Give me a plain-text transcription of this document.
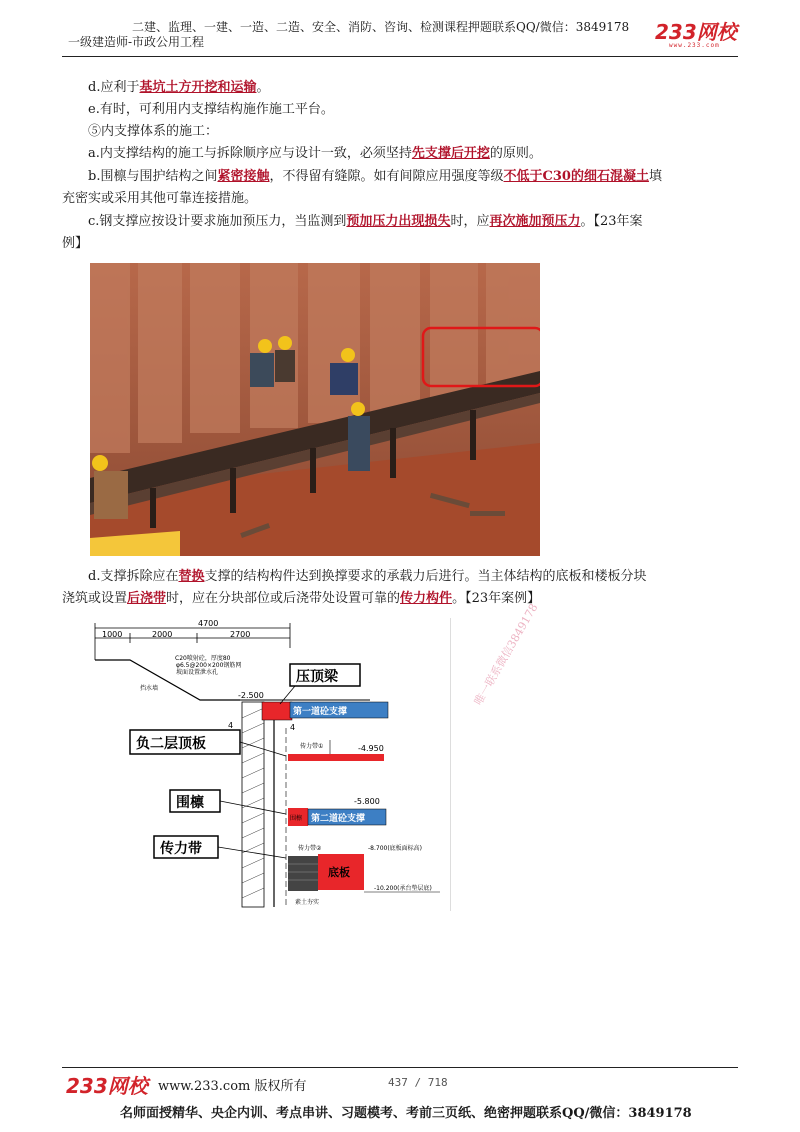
二建、监理、一建、一造、二造、安全、消防、咨询、检测课程押题联系QQ/微信：3849178
一级建造师-市政公用工程	233网校
www.233.com
d.应利于基坑土方开挖和运输。
e.有时，可利用内支撑结构施作施工平台。
⑤内支撑体系的施工：
a.内支撑结构的施工与拆除顺序应与设计一致，必须坚持先支撑后开挖的原则。
b.围檩与围护结构之间紧密接触，不得留有缝隙。如有间隙应用强度等级不低于C30的细石混凝土填
充密实或采用其他可靠连接措施。
c.钢支撑应按设计要求施加预压力，当监测到预加压力出现损失时，应再次施加预压力。【23年案
例】
d.支撑拆除应在替换支撑的结构构件达到换撑要求的承载力后进行。当主体结构的底板和楼板分块
浇筑或设置后浇带时，应在分块部位或后浇带处设置可靠的传力构件。【23年案例】
4700
1000	2000	2700
C20喷射砼，厚度80
φ6.5@200×200钢筋网
坡面设置泄水孔
挡水墙
-2.500
4	4
第一道砼支撑
压顶梁
传力带①	-4.950
负二层顶板
围檩 第二道砼支撑
-5.800
围檩
传力带②
底板
-8.700(底板面标高)
-10.200(承台垫层底)
素土夯实
传力带
唯一联系微信3849178
233网校 www.233.com 版权所有	437 / 718
名师面授精华、央企内训、考点串讲、习题模考、考前三页纸、绝密押题联系QQ/微信：3849178
